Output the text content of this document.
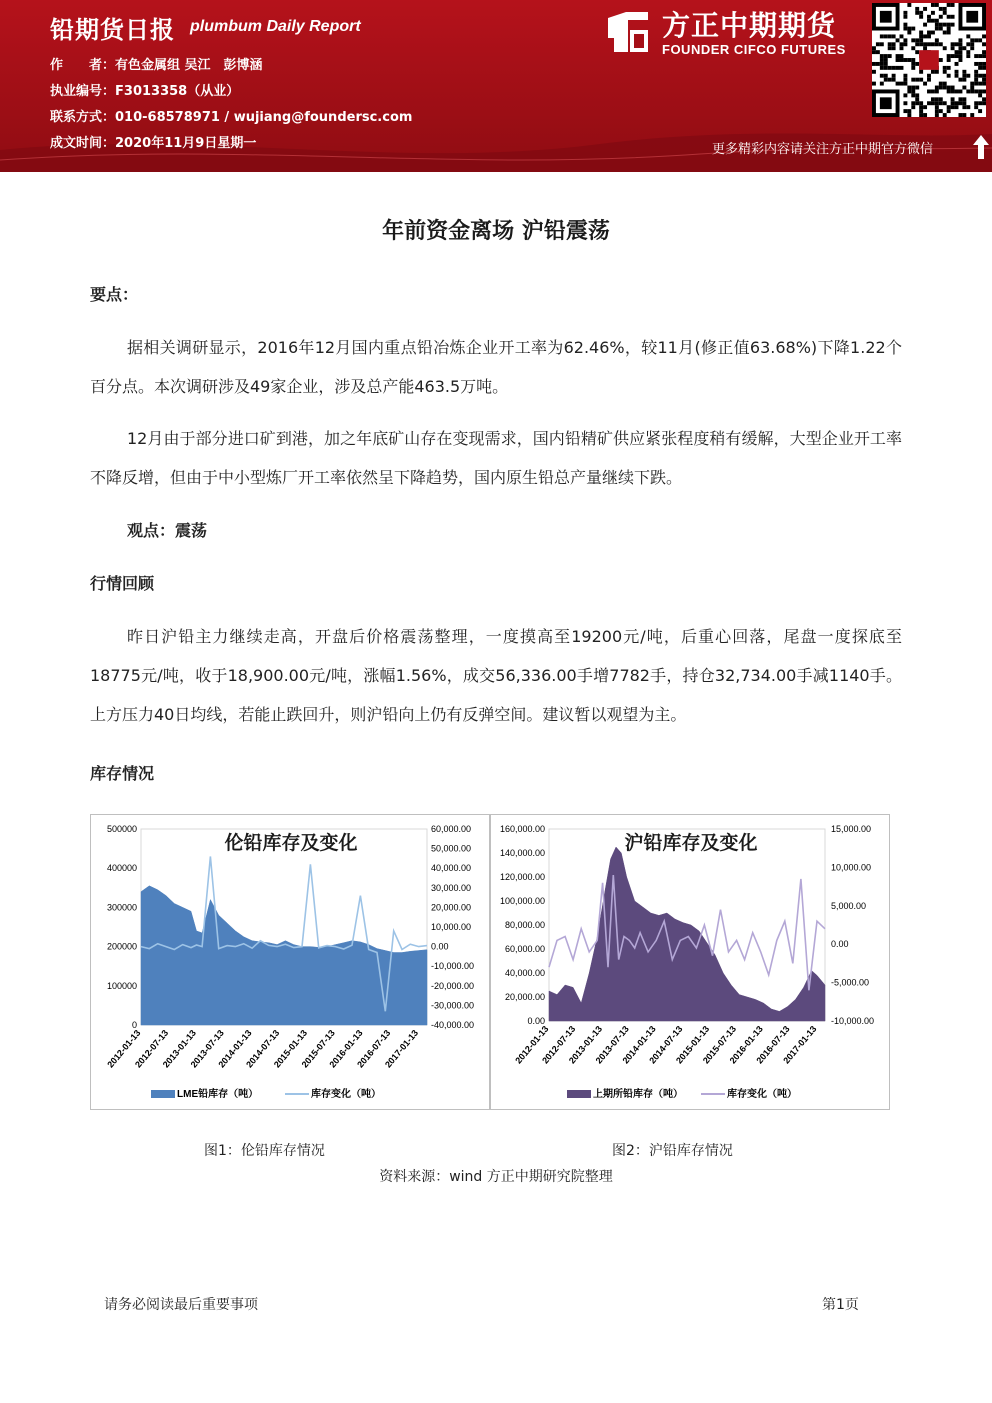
铅期货日报 plumbum Daily Report
作　　者：有色金属组 吴江　彭博涵
执业编号：F3013358（从业）
联系方式：010-68578971 / wujiang@foundersc.com
成文时间：2020年11月9日星期一
方正中期期货
FOUNDER CIFCO FUTURES
更多精彩内容请关注方正中期官方微信
年前资金离场 沪铅震荡
要点：
据相关调研显示，2016年12月国内重点铅冶炼企业开工率为62.46%，较11月(修正值63.68%)下降1.22个百分点。本次调研涉及49家企业，涉及总产能463.5万吨。
12月由于部分进口矿到港，加之年底矿山存在变现需求，国内铅精矿供应紧张程度稍有缓解，大型企业开工率不降反增，但由于中小型炼厂开工率依然呈下降趋势，国内原生铅总产量继续下跌。
观点：震荡
行情回顾
昨日沪铅主力继续走高，开盘后价格震荡整理，一度摸高至19200元/吨，后重心回落，尾盘一度探底至18775元/吨，收于18,900.00元/吨，涨幅1.56%，成交56,336.00手增7782手，持仓32,734.00手减1140手。上方压力40日均线，若能止跌回升，则沪铅向上仍有反弹空间。建议暂以观望为主。
库存情况
500000
400000
300000
200000
100000
0
60,000.00
50,000.00
40,000.00
30,000.00
20,000.00
10,000.00
0.00
-10,000.00
-20,000.00
-30,000.00
-40,000.00
2012-01-13
2012-07-13
2013-01-13
2013-07-13
2014-01-13
2014-07-13
2015-01-13
2015-07-13
2016-01-13
2016-07-13
2017-01-13
伦铅库存及变化
LME铅库存（吨）	库存变化（吨）
160,000.00
140,000.00
120,000.00
100,000.00
80,000.00
60,000.00
40,000.00
20,000.00
0.00
15,000.00
10,000.00
5,000.00
0.00
-5,000.00
-10,000.00
2012-01-13
2012-07-13
2013-01-13
2013-07-13
2014-01-13
2014-07-13
2015-01-13
2015-07-13
2016-01-13
2016-07-13
2017-01-13
沪铅库存及变化
上期所铅库存（吨）	库存变化（吨）
图1：伦铅库存情况	图2：沪铅库存情况
资料来源：wind 方正中期研究院整理
请务必阅读最后重要事项	第1页
